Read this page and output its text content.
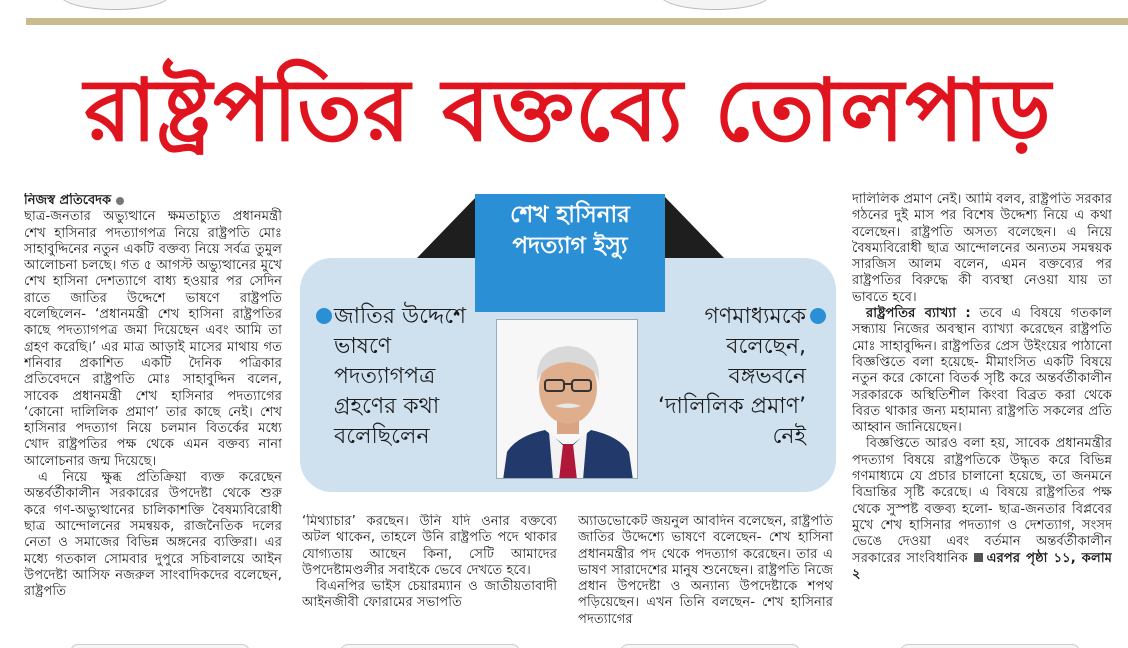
রাষ্ট্রপতির বক্তব্যে তোলপাড়

নিজস্ব প্রতিবেদক

ছাত্র-জনতার অভ্যুত্থানে ক্ষমতাচ্যুত প্রধানমন্ত্রী শেখ হাসিনার পদত্যাগপত্র নিয়ে রাষ্ট্রপতি মোঃ সাহাবুদ্দিনের নতুন একটি বক্তব্য নিয়ে সর্বত্র তুমুল আলোচনা চলছে। গত ৫ আগস্ট অভ্যুত্থানের মুখে শেখ হাসিনা দেশত্যাগে বাধ্য হওয়ার পর সেদিন রাতে জাতির উদ্দেশে ভাষণে রাষ্ট্রপতি বলেছিলেন- ‘প্রধানমন্ত্রী শেখ হাসিনা রাষ্ট্রপতির কাছে পদত্যাগপত্র জমা দিয়েছেন এবং আমি তা গ্রহণ করেছি।’ এর মাত্র আড়াই মাসের মাথায় গত শনিবার প্রকাশিত একটি দৈনিক পত্রিকার প্রতিবেদনে রাষ্ট্রপতি মোঃ সাহাবুদ্দিন বলেন, সাবেক প্রধানমন্ত্রী শেখ হাসিনার পদত্যাগের ‘কোনো দালিলিক প্রমাণ’ তার কাছে নেই। শেখ হাসিনার পদত্যাগ নিয়ে চলমান বিতর্কের মধ্যে খোদ রাষ্ট্রপতির পক্ষ থেকে এমন বক্তব্য নানা আলোচনার জন্ম দিয়েছে।

এ নিয়ে ক্ষুব্ধ প্রতিক্রিয়া ব্যক্ত করেছেন অন্তর্বর্তীকালীন সরকারের উপদেষ্টা থেকে শুরু করে গণ-অভ্যুত্থানের চালিকাশক্তি বৈষম্যবিরোধী ছাত্র আন্দোলনের সমন্বয়ক, রাজনৈতিক দলের নেতা ও সমাজের বিভিন্ন অঙ্গনের ব্যক্তিরা। এর মধ্যে গতকাল সোমবার দুপুরে সচিবালয়ে আইন উপদেষ্টা আসিফ নজরুল সাংবাদিকদের বলেছেন, রাষ্ট্রপতি

শেখ হাসিনার পদত্যাগ ইস্যু
জাতির উদ্দেশে ভাষণে পদত্যাগপত্র গ্রহণের কথা বলেছিলেন
গণমাধ্যমকে বলেছেন, বঙ্গভবনে ‘দালিলিক প্রমাণ’ নেই

‘মিথ্যাচার’ করছেন। উনি যদি ওনার বক্তব্যে অটল থাকেন, তাহলে উনি রাষ্ট্রপতি পদে থাকার যোগ্যতায় আছেন কিনা, সেটি আমাদের উপদেষ্টামণ্ডলীর সবাইকে ভেবে দেখতে হবে।

বিএনপির ভাইস চেয়ারম্যান ও জাতীয়তাবাদী আইনজীবী ফোরামের সভাপতি

অ্যাডভোকেট জয়নুল আবদিন বলেছেন, রাষ্ট্রপতি জাতির উদ্দেশ্যে ভাষণে বলেছেন- শেখ হাসিনা প্রধানমন্ত্রীর পদ থেকে পদত্যাগ করেছেন। তার এ ভাষণ সারাদেশের মানুষ শুনেছেন। রাষ্ট্রপতি নিজে প্রধান উপদেষ্টা ও অন্যান্য উপদেষ্টাকে শপথ পড়িয়েছেন। এখন তিনি বলছেন- শেখ হাসিনার পদত্যাগের

দালিলিক প্রমাণ নেই। আমি বলব, রাষ্ট্রপতি সরকার গঠনের দুই মাস পর বিশেষ উদ্দেশ্য নিয়ে এ কথা বলেছেন। রাষ্ট্রপতি অসত্য বলেছেন। এ নিয়ে বৈষম্যবিরোধী ছাত্র আন্দোলনের অন্যতম সমন্বয়ক সারজিস আলম বলেন, এমন বক্তব্যের পর রাষ্ট্রপতির বিরুদ্ধে কী ব্যবস্থা নেওয়া যায় তা ভাবতে হবে।

রাষ্ট্রপতির ব্যাখ্যা : তবে এ বিষয়ে গতকাল সন্ধ্যায় নিজের অবস্থান ব্যাখ্যা করেছেন রাষ্ট্রপতি মোঃ সাহাবুদ্দিন। রাষ্ট্রপতির প্রেস উইংয়ের পাঠানো বিজ্ঞপ্তিতে বলা হয়েছে- মীমাংসিত একটি বিষয়ে নতুন করে কোনো বিতর্ক সৃষ্টি করে অন্তর্বর্তীকালীন সরকারকে অস্থিতিশীল কিংবা বিব্রত করা থেকে বিরত থাকার জন্য মহামান্য রাষ্ট্রপতি সকলের প্রতি আহ্বান জানিয়েছেন।

বিজ্ঞপ্তিতে আরও বলা হয়, সাবেক প্রধানমন্ত্রীর পদত্যাগ বিষয়ে রাষ্ট্রপতিকে উদ্ধৃত করে বিভিন্ন গণমাধ্যমে যে প্রচার চালানো হয়েছে, তা জনমনে বিভ্রান্তির সৃষ্টি করেছে। এ বিষয়ে রাষ্ট্রপতির পক্ষ থেকে সুস্পষ্ট বক্তব্য হলো- ছাত্র-জনতার বিপ্লবের মুখে শেখ হাসিনার পদত্যাগ ও দেশত্যাগ, সংসদ ভেঙে দেওয়া এবং বর্তমান অন্তর্বর্তীকালীন সরকারের সাংবিধানিক এরপর পৃষ্ঠা ১১, কলাম ২
